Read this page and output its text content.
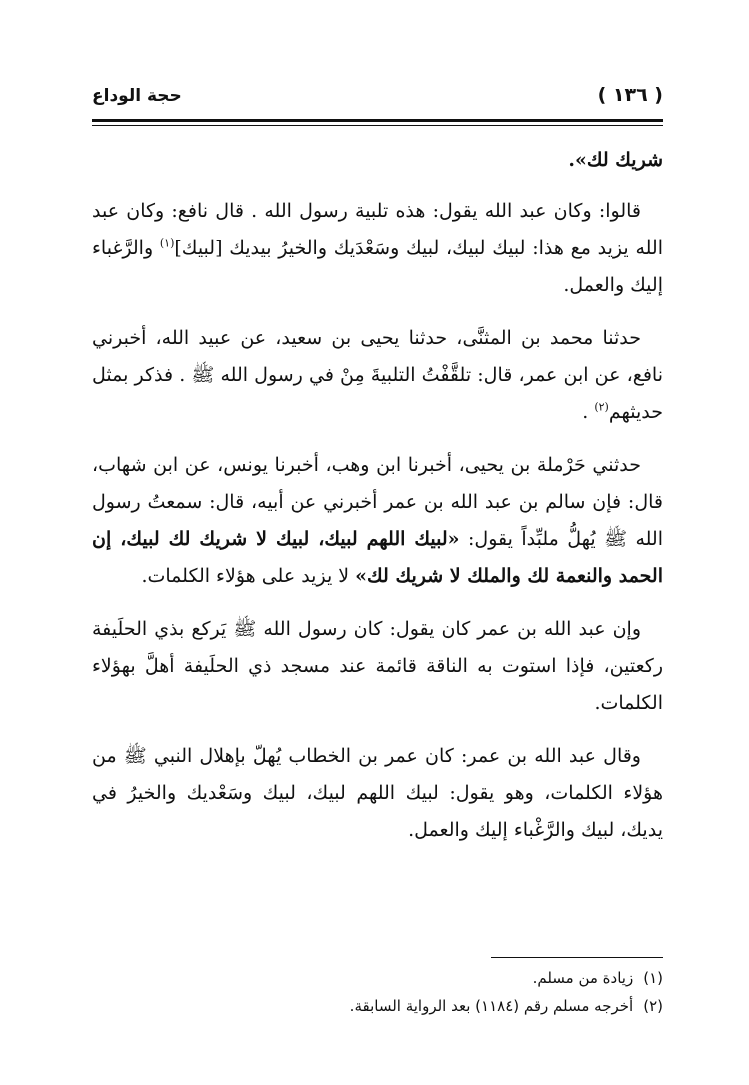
( ١٣٦ )
حجة الوداع

شريك لك».

قالوا: وكان عبد الله يقول: هذه تلبية رسول الله . قال نافع: وكان عبد الله يزيد مع هذا: لبيك لبيك، لبيك وسَعْدَيك والخيرُ بيديك [لبيك]$^{(١)}$ والرَّغباء إليك والعمل.

حدثنا محمد بن المثنَّى، حدثنا يحيى بن سعيد، عن عبيد الله، أخبرني نافع، عن ابن عمر، قال: تلقَّفْتُ التلبيةَ مِنْ في رسول الله ﷺ . فذكر بمثل حديثهم$^{(٢)}$ .

حدثني حَرْملة بن يحيى، أخبرنا ابن وهب، أخبرنا يونس، عن ابن شهاب، قال: فإن سالم بن عبد الله بن عمر أخبرني عن أبيه، قال: سمعتُ رسول الله ﷺ يُهلُّ ملبِّداً يقول: «لبيك اللهم لبيك، لبيك لا شريك لك لبيك، إن الحمد والنعمة لك والملك لا شريك لك» لا يزيد على هؤلاء الكلمات.

وإن عبد الله بن عمر كان يقول: كان رسول الله ﷺ يَركع بذي الحلَيفة ركعتين، فإذا استوت به الناقة قائمة عند مسجد ذي الحلَيفة أهلَّ بهؤلاء الكلمات.

وقال عبد الله بن عمر: كان عمر بن الخطاب يُهلّ بإهلال النبي ﷺ من هؤلاء الكلمات، وهو يقول: لبيك اللهم لبيك، لبيك وسَعْديك والخيرُ في يديك، لبيك والرَّغْباء إليك والعمل.

(١)زيادة من مسلم.

(٢)أخرجه مسلم رقم (١١٨٤) بعد الرواية السابقة.
